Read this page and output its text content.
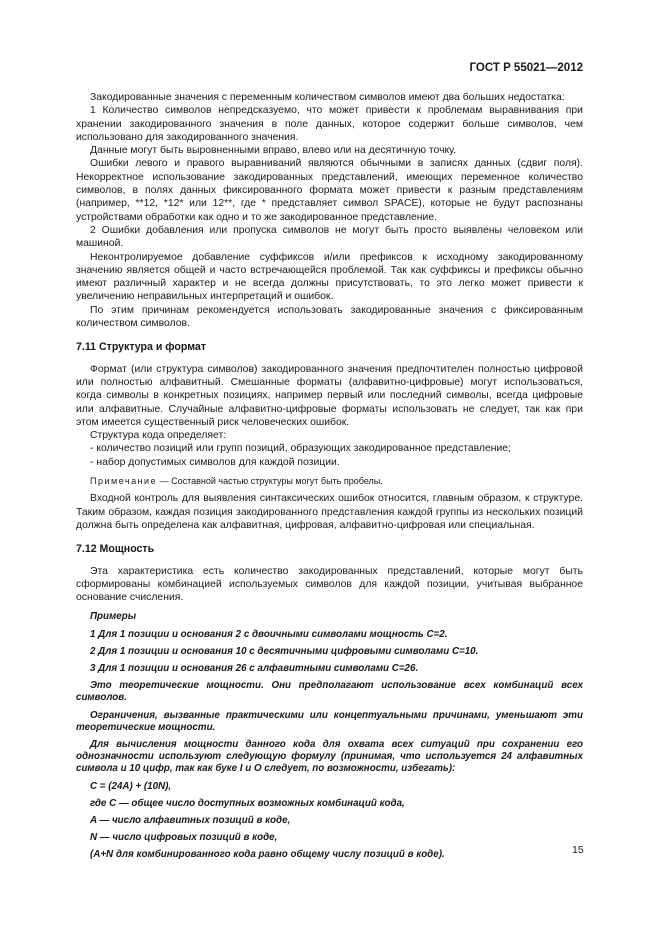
ГОСТ Р 55021—2012

Закодированные значения с переменным количеством символов имеют два больших недостатка:

1 Количество символов непредсказуемо, что может привести к проблемам выравнивания при хранении закодированного значения в поле данных, которое содержит больше символов, чем использовано для закодированного значения.

Данные могут быть выровненными вправо, влево или на десятичную точку.

Ошибки левого и правого выравниваний являются обычными в записях данных (сдвиг поля). Некорректное использование закодированных представлений, имеющих переменное количество символов, в полях данных фиксированного формата может привести к разным представлениям (например, **12, *12* или 12**, где * представляет символ SPACE), которые не будут распознаны устройствами обработки как одно и то же закодированное представление.

2 Ошибки добавления или пропуска символов не могут быть просто выявлены человеком или машиной.

Неконтролируемое добавление суффиксов и/или префиксов к исходному закодированному значению является общей и часто встречающейся проблемой. Так как суффиксы и префиксы обычно имеют различный характер и не всегда должны присутствовать, то это легко может привести к увеличению неправильных интерпретаций и ошибок.

По этим причинам рекомендуется использовать закодированные значения с фиксированным количеством символов.

7.11 Структура и формат

Формат (или структура символов) закодированного значения предпочтителен полностью цифровой или полностью алфавитный. Смешанные форматы (алфавитно-цифровые) могут использоваться, когда символы в конкретных позициях, например первый или последний символы, всегда цифровые или алфавитные. Случайные алфавитно-цифровые форматы использовать не следует, так как при этом имеется существенный риск человеческих ошибок.

Структура кода определяет:

- количество позиций или групп позиций, образующих закодированное представление;
- набор допустимых символов для каждой позиции.

Примечание — Составной частью структуры могут быть пробелы.

Входной контроль для выявления синтаксических ошибок относится, главным образом, к структуре. Таким образом, каждая позиция закодированного представления каждой группы из нескольких позиций должна быть определена как алфавитная, цифровая, алфавитно-цифровая или специальная.

7.12 Мощность

Эта характеристика есть количество закодированных представлений, которые могут быть сформированы комбинацией используемых символов для каждой позиции, учитывая выбранное основание счисления.

Примеры

1 Для 1 позиции и основания 2 с двоичными символами мощность C=2.

2 Для 1 позиции и основания 10 с десятичными цифровыми символами C=10.

3 Для 1 позиции и основания 26 с алфавитными символами C=26.

Это теоретические мощности. Они предполагают использование всех комбинаций всех символов.

Ограничения, вызванные практическими или концептуальными причинами, уменьшают эти теоретические мощности.

Для вычисления мощности данного кода для охвата всех ситуаций при сохранении его однозначности используют следующую формулу (принимая, что используется 24 алфавитных символа и 10 цифр, так как буке I и O следует, по возможности, избегать):

C = (24A) + (10N),

где C — общее число доступных возможных комбинаций кода,

A — число алфавитных позиций в коде,

N — число цифровых позиций в коде,

(A+N для комбинированного кода равно общему числу позиций в коде).	15
